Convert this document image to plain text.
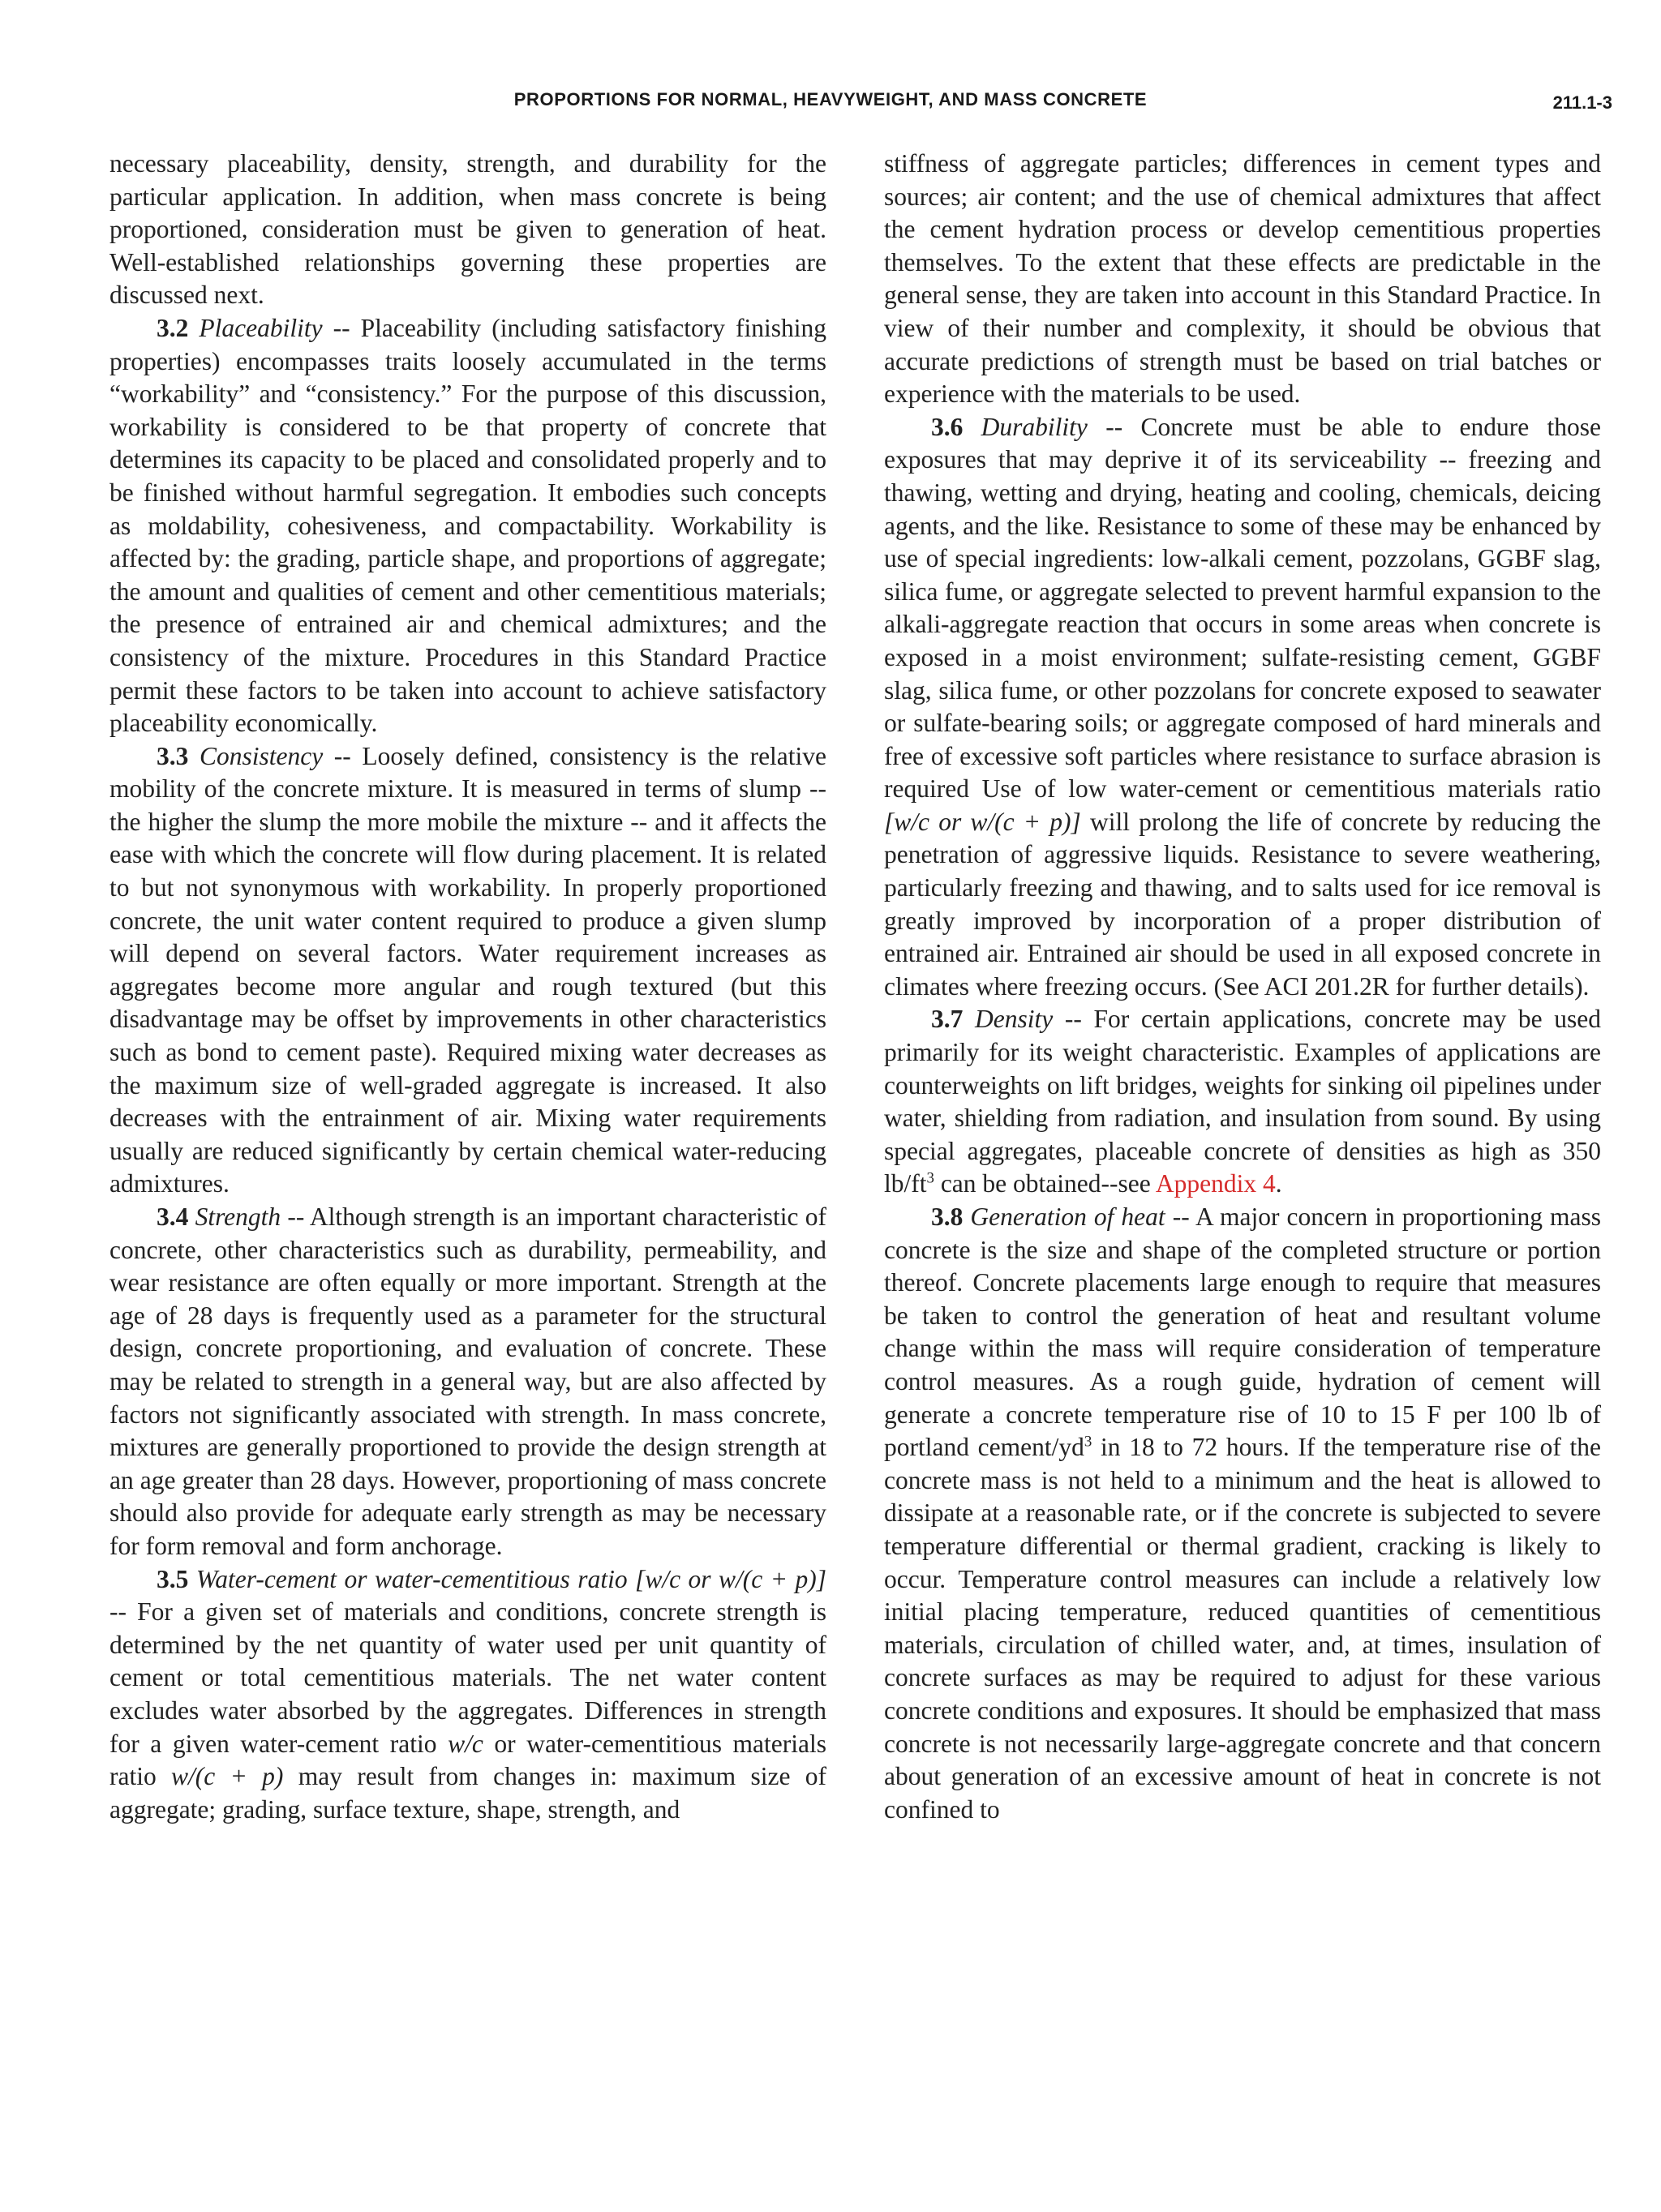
PROPORTIONS FOR NORMAL, HEAVYWEIGHT, AND MASS CONCRETE	211.1-3

necessary placeability, density, strength, and durability for the particular application. In addition, when mass concrete is being proportioned, consideration must be given to generation of heat. Well-established relationships governing these properties are discussed next.

3.2 Placeability -- Placeability (including satisfactory finishing properties) encompasses traits loosely accumulated in the terms “workability” and “consistency.” For the purpose of this discussion, workability is considered to be that property of concrete that determines its capacity to be placed and consolidated properly and to be finished without harmful segregation. It embodies such concepts as moldability, cohesiveness, and compactability. Workability is affected by: the grading, particle shape, and proportions of aggregate; the amount and qualities of cement and other cementitious materials; the presence of entrained air and chemical admixtures; and the consistency of the mixture. Procedures in this Standard Practice permit these factors to be taken into account to achieve satisfactory placeability economically.

3.3 Consistency -- Loosely defined, consistency is the relative mobility of the concrete mixture. It is measured in terms of slump -- the higher the slump the more mobile the mixture -- and it affects the ease with which the concrete will flow during placement. It is related to but not synonymous with workability. In properly proportioned concrete, the unit water content required to produce a given slump will depend on several factors. Water requirement increases as aggregates become more angular and rough textured (but this disadvantage may be offset by improvements in other characteristics such as bond to cement paste). Required mixing water decreases as the maximum size of well-graded aggregate is increased. It also decreases with the entrainment of air. Mixing water requirements usually are reduced significantly by certain chemical water-reducing admixtures.

3.4 Strength -- Although strength is an important characteristic of concrete, other characteristics such as durability, permeability, and wear resistance are often equally or more important. Strength at the age of 28 days is frequently used as a parameter for the structural design, concrete proportioning, and evaluation of concrete. These may be related to strength in a general way, but are also affected by factors not significantly associated with strength. In mass concrete, mixtures are generally proportioned to provide the design strength at an age greater than 28 days. However, proportioning of mass concrete should also provide for adequate early strength as may be necessary for form removal and form anchorage.

3.5 Water-cement or water-cementitious ratio [w/c or w/(c + p)] -- For a given set of materials and conditions, concrete strength is determined by the net quantity of water used per unit quantity of cement or total cementitious materials. The net water content excludes water absorbed by the aggregates. Differences in strength for a given water-cement ratio w/c or water-cementitious materials ratio w/(c + p) may result from changes in: maximum size of aggregate; grading, surface texture, shape, strength, and

stiffness of aggregate particles; differences in cement types and sources; air content; and the use of chemical admixtures that affect the cement hydration process or develop cementitious properties themselves. To the extent that these effects are predictable in the general sense, they are taken into account in this Standard Practice. In view of their number and complexity, it should be obvious that accurate predictions of strength must be based on trial batches or experience with the materials to be used.

3.6 Durability -- Concrete must be able to endure those exposures that may deprive it of its serviceability -- freezing and thawing, wetting and drying, heating and cooling, chemicals, deicing agents, and the like. Resistance to some of these may be enhanced by use of special ingredients: low-alkali cement, pozzolans, GGBF slag, silica fume, or aggregate selected to prevent harmful expansion to the alkali-aggregate reaction that occurs in some areas when concrete is exposed in a moist environment; sulfate-resisting cement, GGBF slag, silica fume, or other pozzolans for concrete exposed to seawater or sulfate-bearing soils; or aggregate composed of hard minerals and free of excessive soft particles where resistance to surface abrasion is required Use of low water-cement or cementitious materials ratio [w/c or w/(c + p)] will prolong the life of concrete by reducing the penetration of aggressive liquids. Resistance to severe weathering, particularly freezing and thawing, and to salts used for ice removal is greatly improved by incorporation of a proper distribution of entrained air. Entrained air should be used in all exposed concrete in climates where freezing occurs. (See ACI 201.2R for further details).

3.7 Density -- For certain applications, concrete may be used primarily for its weight characteristic. Examples of applications are counterweights on lift bridges, weights for sinking oil pipelines under water, shielding from radiation, and insulation from sound. By using special aggregates, placeable concrete of densities as high as 350 $lb/ft^3$ can be obtained--see Appendix 4.

3.8 Generation of heat -- A major concern in proportioning mass concrete is the size and shape of the completed structure or portion thereof. Concrete placements large enough to require that measures be taken to control the generation of heat and resultant volume change within the mass will require consideration of temperature control measures. As a rough guide, hydration of cement will generate a concrete temperature rise of 10 to 15 F per 100 lb of portland cement/$yd^3$ in 18 to 72 hours. If the temperature rise of the concrete mass is not held to a minimum and the heat is allowed to dissipate at a reasonable rate, or if the concrete is subjected to severe temperature differential or thermal gradient, cracking is likely to occur. Temperature control measures can include a relatively low initial placing temperature, reduced quantities of cementitious materials, circulation of chilled water, and, at times, insulation of concrete surfaces as may be required to adjust for these various concrete conditions and exposures. It should be emphasized that mass concrete is not necessarily large-aggregate concrete and that concern about generation of an excessive amount of heat in concrete is not confined to
